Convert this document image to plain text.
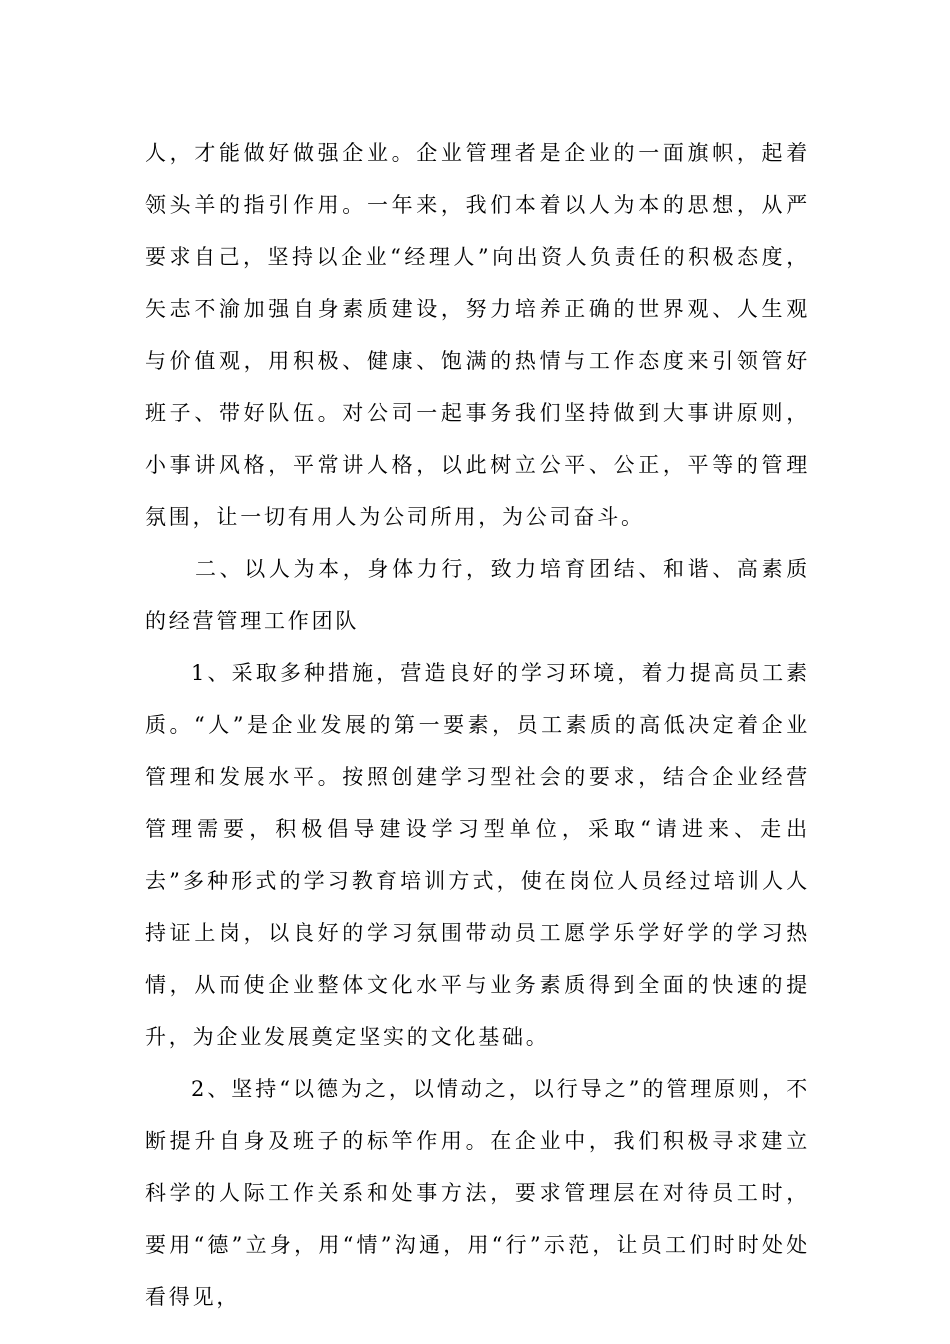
人，才能做好做强企业。企业管理者是企业的一面旗帜，起着领头羊的指引作用。一年来，我们本着以人为本的思想，从严要求自己，坚持以企业“经理人”向出资人负责任的积极态度，矢志不渝加强自身素质建设，努力培养正确的世界观、人生观与价值观，用积极、健康、饱满的热情与工作态度来引领管好班子、带好队伍。对公司一起事务我们坚持做到大事讲原则，小事讲风格，平常讲人格，以此树立公平、公正，平等的管理氛围，让一切有用人为公司所用，为公司奋斗。

二、以人为本，身体力行，致力培育团结、和谐、高素质的经营管理工作团队

1、采取多种措施，营造良好的学习环境，着力提高员工素质。“人”是企业发展的第一要素，员工素质的高低决定着企业管理和发展水平。按照创建学习型社会的要求，结合企业经营管理需要，积极倡导建设学习型单位，采取“请进来、走出去”多种形式的学习教育培训方式，使在岗位人员经过培训人人持证上岗，以良好的学习氛围带动员工愿学乐学好学的学习热情，从而使企业整体文化水平与业务素质得到全面的快速的提升，为企业发展奠定坚实的文化基础。

2、坚持“以德为之，以情动之，以行导之”的管理原则，不断提升自身及班子的标竿作用。在企业中，我们积极寻求建立科学的人际工作关系和处事方法，要求管理层在对待员工时，要用“德”立身，用“情”沟通，用“行”示范，让员工们时时处处看得见，
